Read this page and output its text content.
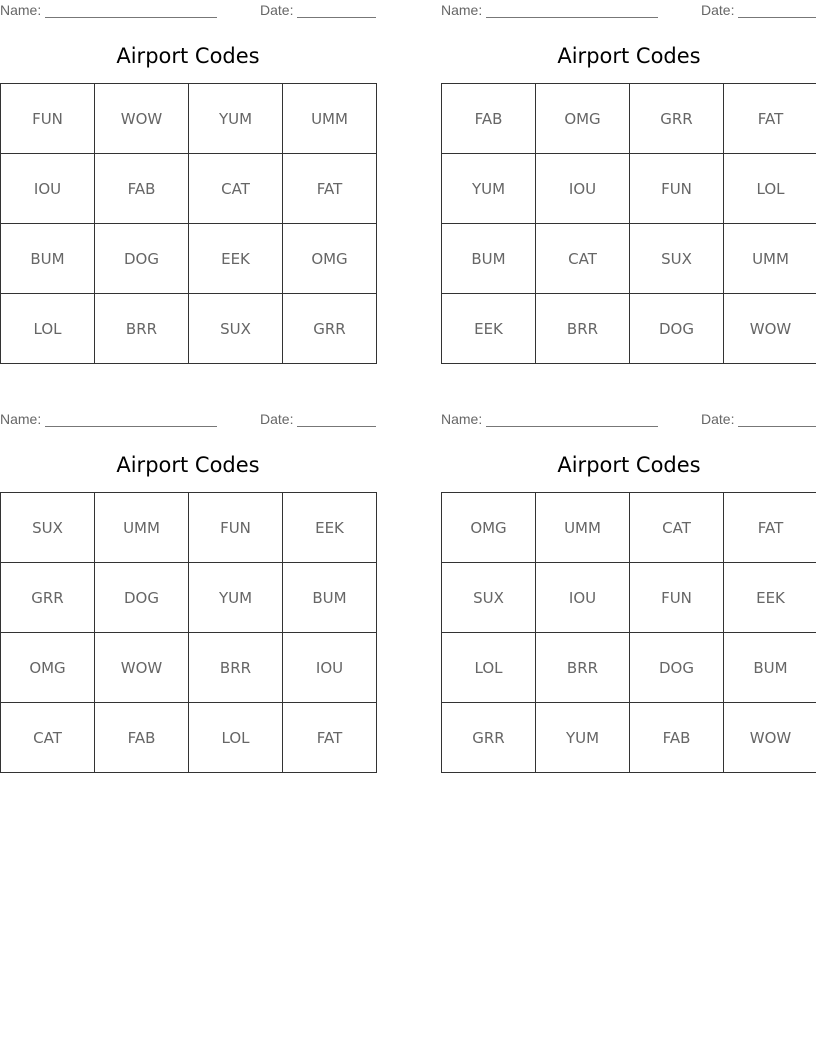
Name:	Date:
Airport Codes
FUN	WOW	YUM	UMM
IOU	FAB	CAT	FAT
BUM	DOG	EEK	OMG
LOL	BRR	SUX	GRR
Name:	Date:
Airport Codes
FAB	OMG	GRR	FAT
YUM	IOU	FUN	LOL
BUM	CAT	SUX	UMM
EEK	BRR	DOG	WOW
Name:	Date:
Airport Codes
SUX	UMM	FUN	EEK
GRR	DOG	YUM	BUM
OMG	WOW	BRR	IOU
CAT	FAB	LOL	FAT
Name:	Date:
Airport Codes
OMG	UMM	CAT	FAT
SUX	IOU	FUN	EEK
LOL	BRR	DOG	BUM
GRR	YUM	FAB	WOW
